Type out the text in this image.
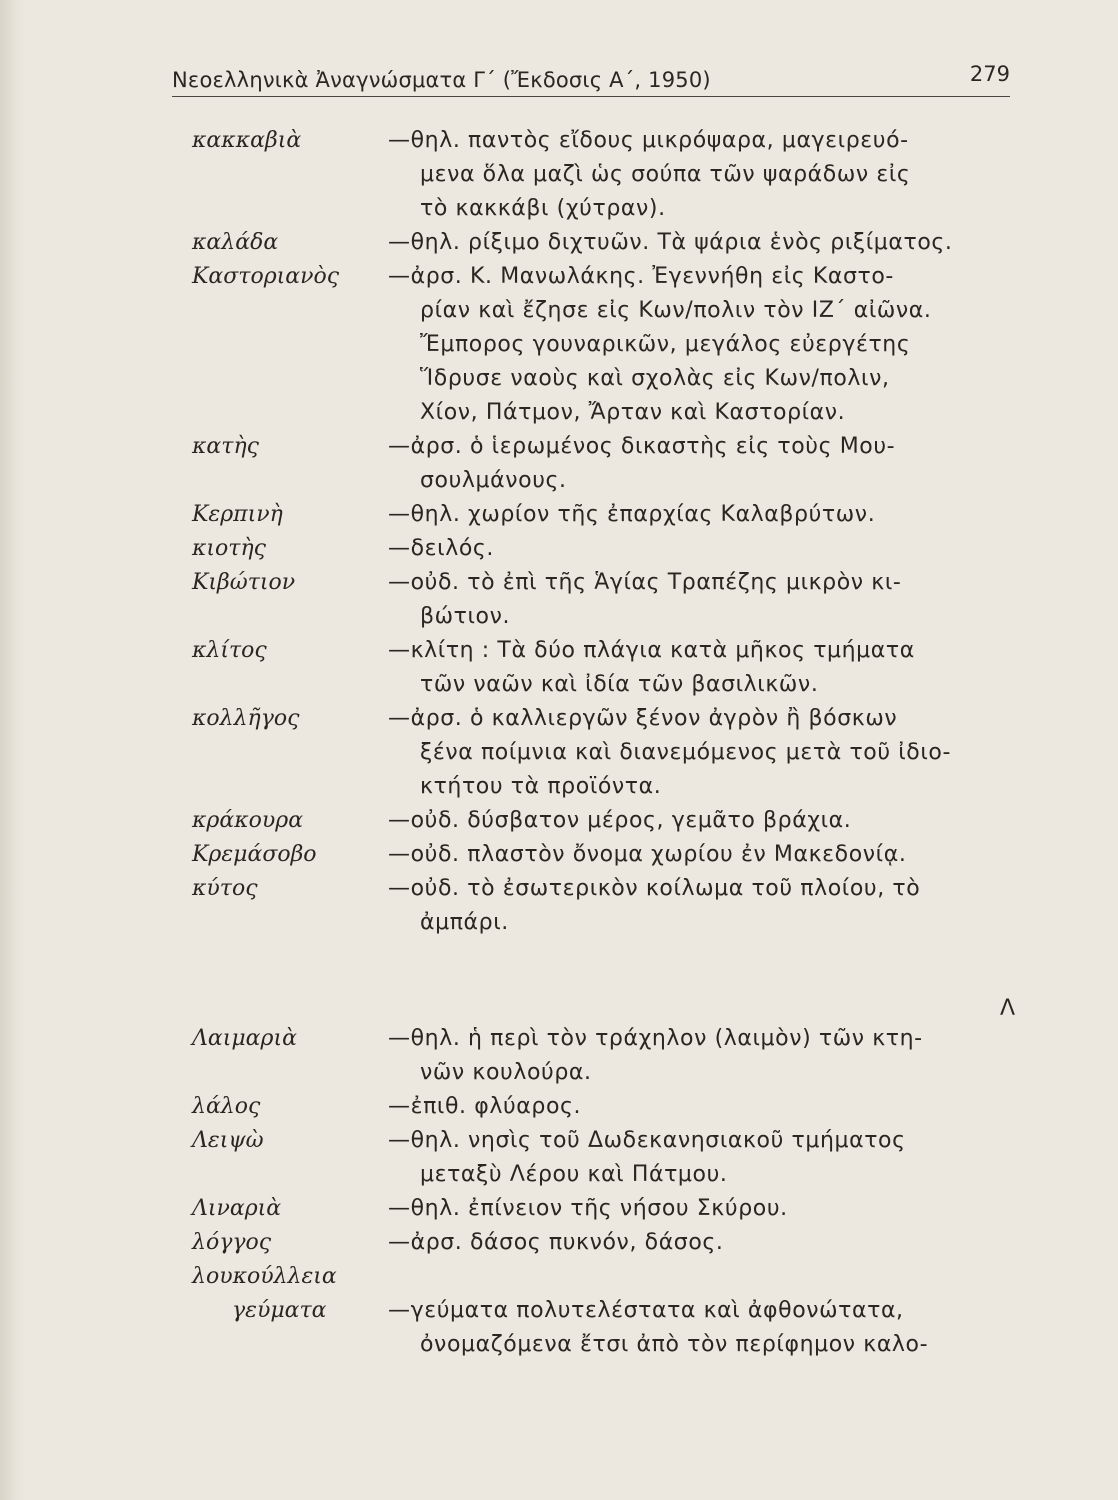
Νεοελληνικὰ Ἀναγνώσματα Γ΄ (Ἔκδοσις Α΄, 1950)	279
κακκαβιὰ	—θηλ. παντὸς εἴδους μικρόψαρα, μαγειρευό-
μενα ὅλα μαζὶ ὡς σούπα τῶν ψαράδων εἰς
τὸ κακκάβι (χύτραν).
καλάδα	—θηλ. ρίξιμο διχτυῶν. Τὰ ψάρια ἑνὸς ριξίματος.
Καστοριανὸς —ἀρσ. Κ. Μανωλάκης. Ἐγεννήθη εἰς Καστο-
ρίαν καὶ ἔζησε εἰς Κων/πολιν τὸν ΙΖ΄ αἰῶνα.
Ἔμπορος γουναρικῶν, μεγάλος εὐεργέτης
Ἵδρυσε ναοὺς καὶ σχολὰς εἰς Κων/πολιν,
Χίον, Πάτμον, Ἄρταν καὶ Καστορίαν.
κατὴς	—ἀρσ. ὁ ἱερωμένος δικαστὴς εἰς τοὺς Μου-
σουλμάνους.
Κερπινὴ	—θηλ. χωρίον τῆς ἐπαρχίας Καλαβρύτων.
κιοτὴς	—δειλός.
Κιβώτιον	—οὐδ. τὸ ἐπὶ τῆς Ἁγίας Τραπέζης μικρὸν κι-
βώτιον.
κλίτος	—κλίτη : Τὰ δύο πλάγια κατὰ μῆκος τμήματα
τῶν ναῶν καὶ ἰδία τῶν βασιλικῶν.
κολλῆγος	—ἀρσ. ὁ καλλιεργῶν ξένον ἀγρὸν ἢ βόσκων
ξένα ποίμνια καὶ διανεμόμενος μετὰ τοῦ ἰδιο-
κτήτου τὰ προϊόντα.
κράκουρα	—οὐδ. δύσβατον μέρος, γεμᾶτο βράχια.
Κρεμάσοβο	—οὐδ. πλαστὸν ὄνομα χωρίου ἐν Μακεδονίᾳ.
κύτος	—οὐδ. τὸ ἐσωτερικὸν κοίλωμα τοῦ πλοίου, τὸ
ἀμπάρι.
Λαιμαριὰ	—θηλ. ἡ περὶ τὸν τράχηλον (λαιμὸν) τῶν κτη-
νῶν κουλούρα.
λάλος	—ἐπιθ. φλύαρος.
Λειψὼ	—θηλ. νησὶς τοῦ Δωδεκανησιακοῦ τμήματος
μεταξὺ Λέρου καὶ Πάτμου.
Λιναριὰ	—θηλ. ἐπίνειον τῆς νήσου Σκύρου.
λόγγος	—ἀρσ. δάσος πυκνόν, δάσος.
λουκούλλεια
γεύματα	—γεύματα πολυτελέστατα καὶ ἀφθονώτατα,
ὀνομαζόμενα ἔτσι ἀπὸ τὸν περίφημον καλο-
Λ
